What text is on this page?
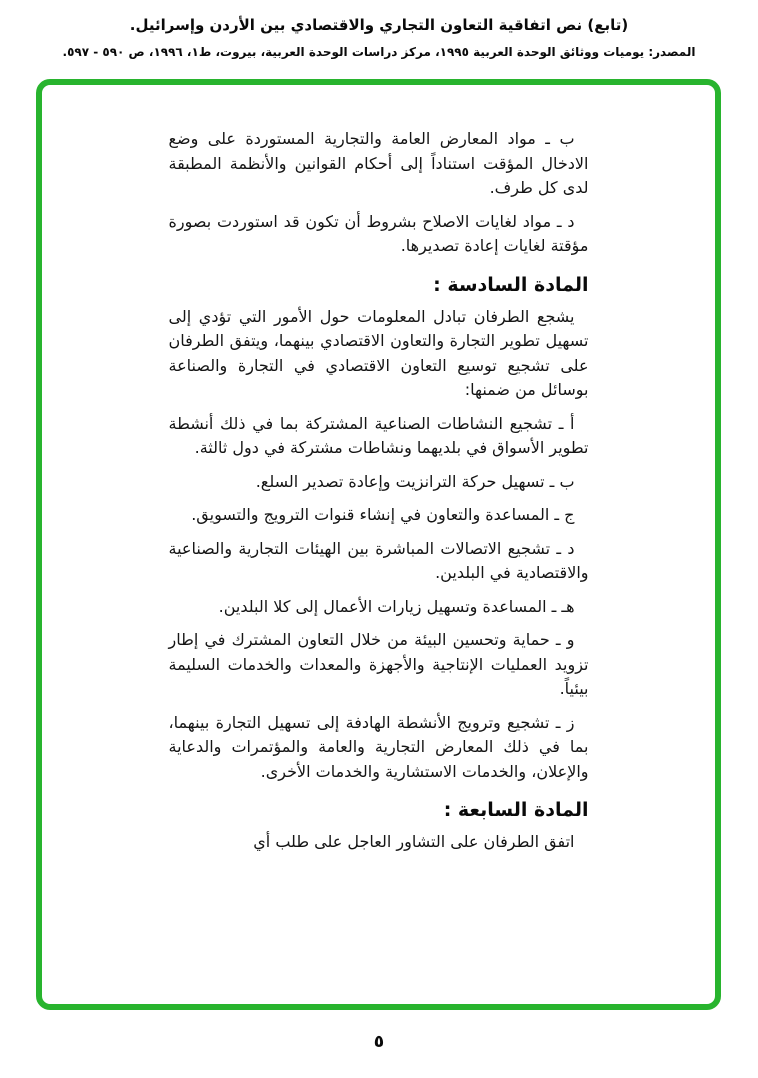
(تابع) نص اتفاقية التعاون التجاري والاقتصادي بين الأردن وإسرائيل.
المصدر: يوميات ووثائق الوحدة العربية ١٩٩٥، مركز دراسات الوحدة العربية، بيروت، ط١، ١٩٩٦، ص ٥٩٠ - ٥٩٧.

ب ـ مواد المعارض العامة والتجارية المستوردة على وضع الادخال المؤقت استناداً إلى أحكام القوانين والأنظمة المطبقة لدى كل طرف.

د ـ مواد لغايات الاصلاح بشروط أن تكون قد استوردت بصورة مؤقتة لغايات إعادة تصديرها.

المادة السادسة :

يشجع الطرفان تبادل المعلومات حول الأمور التي تؤدي إلى تسهيل تطوير التجارة والتعاون الاقتصادي بينهما، ويتفق الطرفان على تشجيع توسيع التعاون الاقتصادي في التجارة والصناعة بوسائل من ضمنها:

أ ـ تشجيع النشاطات الصناعية المشتركة بما في ذلك أنشطة تطوير الأسواق في بلديهما ونشاطات مشتركة في دول ثالثة.

ب ـ تسهيل حركة الترانزيت وإعادة تصدير السلع.

ج ـ المساعدة والتعاون في إنشاء قنوات الترويج والتسويق.

د ـ تشجيع الاتصالات المباشرة بين الهيئات التجارية والصناعية والاقتصادية في البلدين.

هـ ـ المساعدة وتسهيل زيارات الأعمال إلى كلا البلدين.

و ـ حماية وتحسين البيئة من خلال التعاون المشترك في إطار تزويد العمليات الإنتاجية والأجهزة والمعدات والخدمات السليمة بيئياً.

ز ـ تشجيع وترويج الأنشطة الهادفة إلى تسهيل التجارة بينهما، بما في ذلك المعارض التجارية والعامة والمؤتمرات والدعاية والإعلان، والخدمات الاستشارية والخدمات الأخرى.

المادة السابعة :

اتفق الطرفان على التشاور العاجل على طلب أي

٥
